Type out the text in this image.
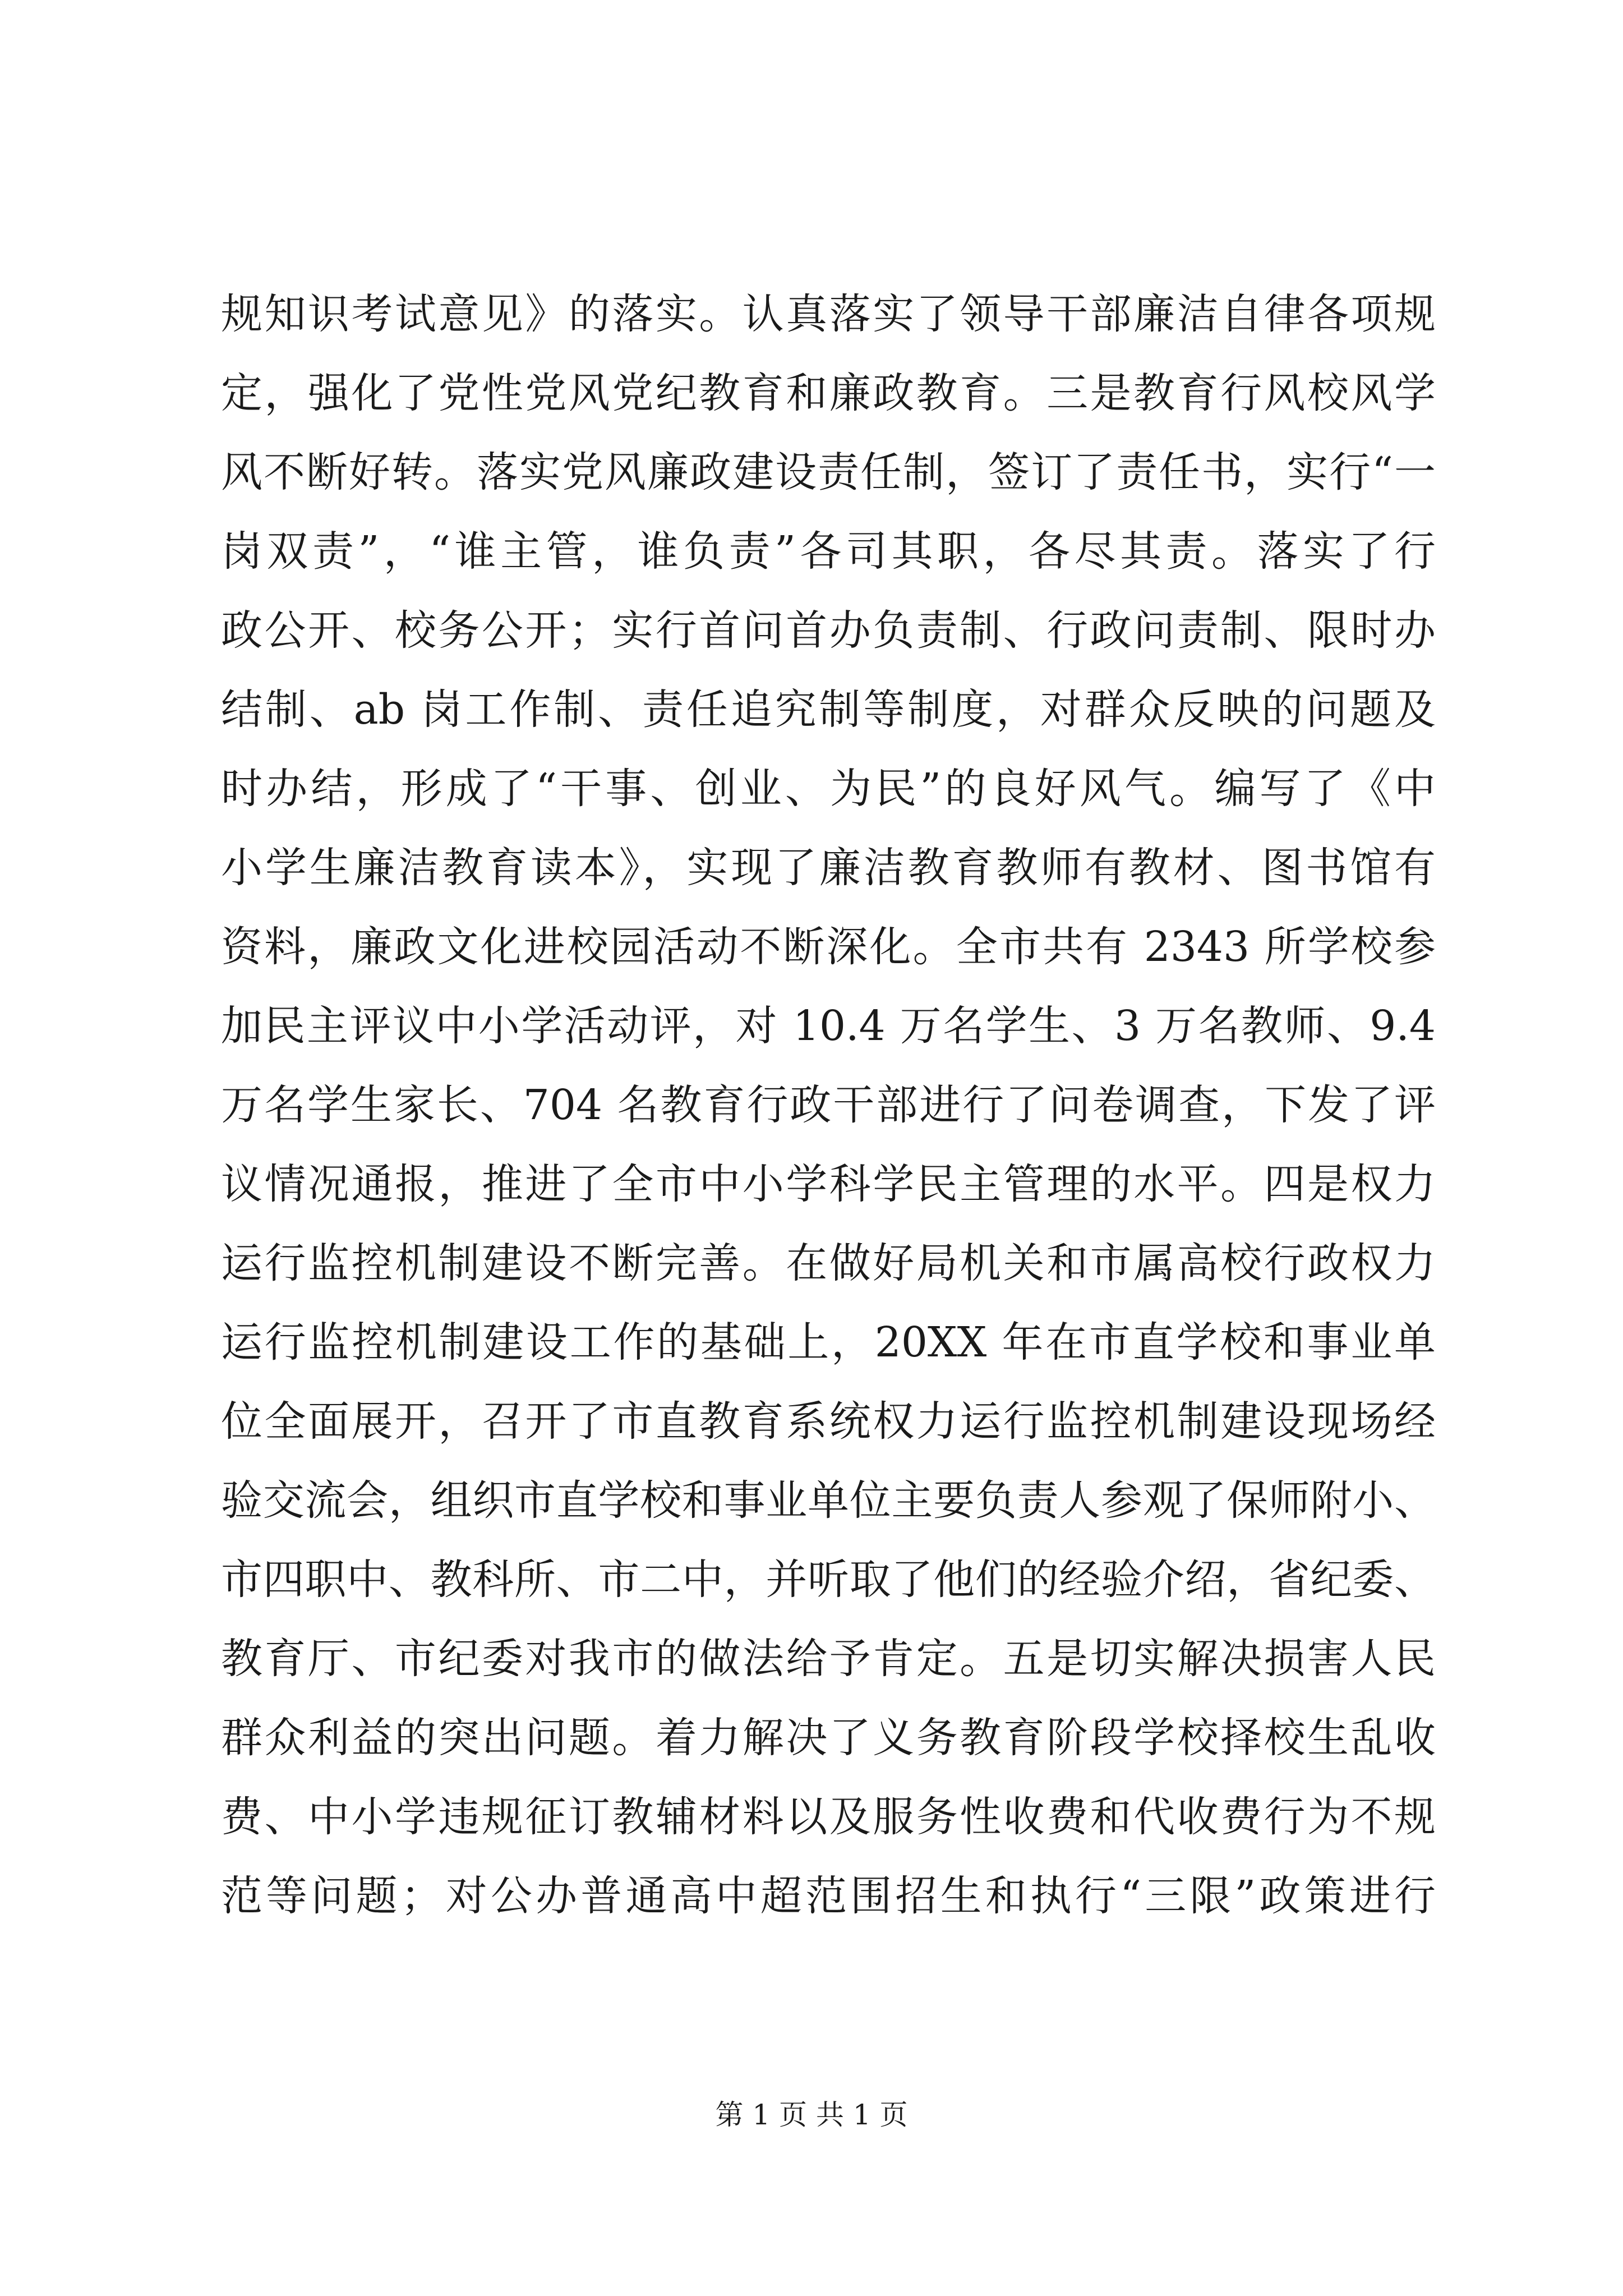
规知识考试意见》的落实。认真落实了领导干部廉洁自律各项规
定，强化了党性党风党纪教育和廉政教育。三是教育行风校风学
风不断好转。落实党风廉政建设责任制，签订了责任书，实行“一
岗双责”，“谁主管，谁负责”各司其职，各尽其责。落实了行
政公开、校务公开；实行首问首办负责制、行政问责制、限时办
结制、ab 岗工作制、责任追究制等制度，对群众反映的问题及
时办结，形成了“干事、创业、为民”的良好风气。编写了《中
小学生廉洁教育读本》，实现了廉洁教育教师有教材、图书馆有
资料，廉政文化进校园活动不断深化。全市共有 2343 所学校参
加民主评议中小学活动评，对 10.4 万名学生、3 万名教师、9.4
万名学生家长、704 名教育行政干部进行了问卷调查，下发了评
议情况通报，推进了全市中小学科学民主管理的水平。四是权力
运行监控机制建设不断完善。在做好局机关和市属高校行政权力
运行监控机制建设工作的基础上，20XX 年在市直学校和事业单
位全面展开，召开了市直教育系统权力运行监控机制建设现场经
验交流会，组织市直学校和事业单位主要负责人参观了保师附小、
市四职中、教科所、市二中，并听取了他们的经验介绍，省纪委、
教育厅、市纪委对我市的做法给予肯定。五是切实解决损害人民
群众利益的突出问题。着力解决了义务教育阶段学校择校生乱收
费、中小学违规征订教辅材料以及服务性收费和代收费行为不规
范等问题；对公办普通高中超范围招生和执行“三限”政策进行
第 1 页 共 1 页
